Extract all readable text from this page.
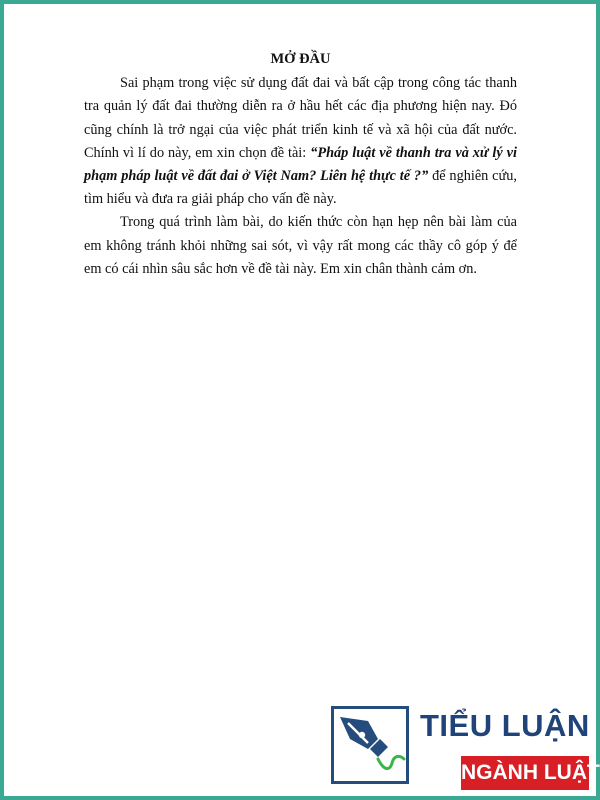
MỞ ĐẦU

Sai phạm trong việc sử dụng đất đai và bất cập trong công tác thanh tra quản lý đất đai thường diễn ra ở hầu hết các địa phương hiện nay. Đó cũng chính là trở ngại của việc phát triển kinh tế và xã hội của đất nước. Chính vì lí do này, em xin chọn đề tài: “Pháp luật về thanh tra và xử lý vi phạm pháp luật về đất đai ở Việt Nam? Liên hệ thực tế ?” để nghiên cứu, tìm hiểu và đưa ra giải pháp cho vấn đề này.

Trong quá trình làm bài, do kiến thức còn hạn hẹp nên bài làm của em không tránh khỏi những sai sót, vì vậy rất mong các thầy cô góp ý để em có cái nhìn sâu sắc hơn về đề tài này. Em xin chân thành cảm ơn.

TIỂU LUẬN
NGÀNH LUẬT
